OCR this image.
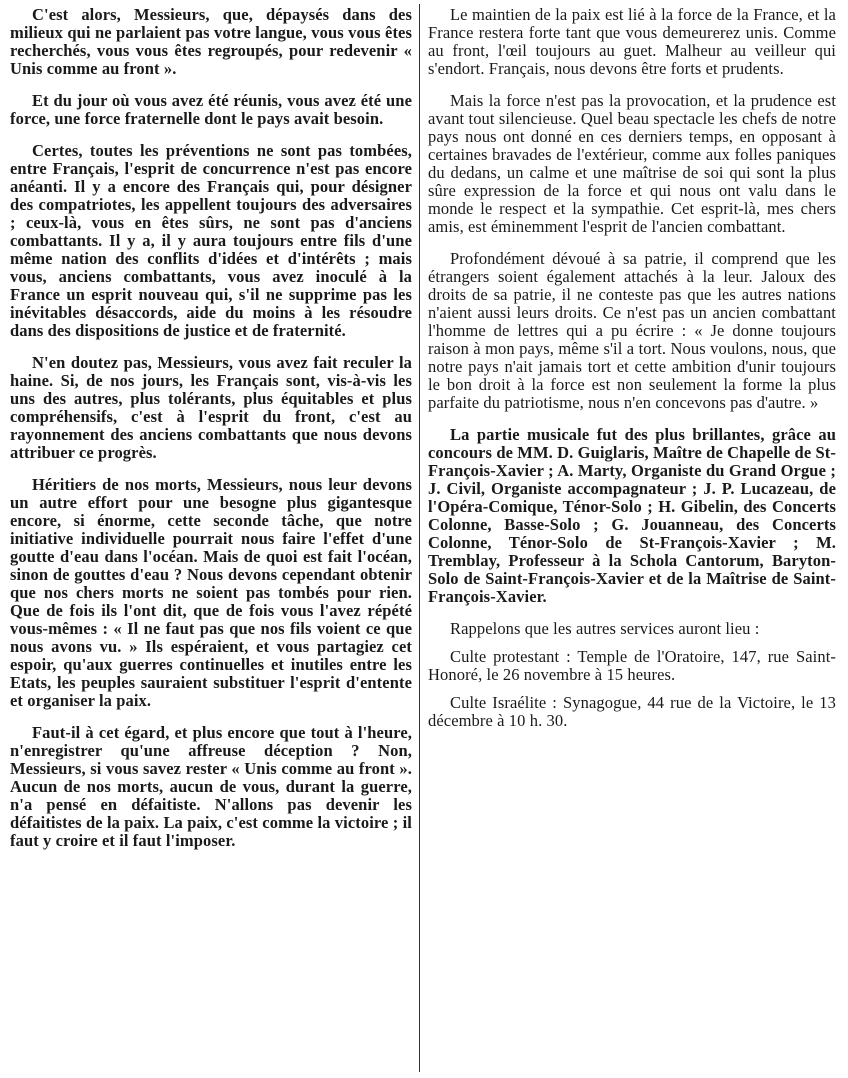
C'est alors, Messieurs, que, dépaysés dans des milieux qui ne parlaient pas votre langue, vous vous êtes recherchés, vous vous êtes regroupés, pour redevenir « Unis comme au front ».

Et du jour où vous avez été réunis, vous avez été une force, une force fraternelle dont le pays avait besoin.

Certes, toutes les préventions ne sont pas tombées, entre Français, l'esprit de concurrence n'est pas encore anéanti. Il y a encore des Français qui, pour désigner des compatriotes, les appellent toujours des adversaires ; ceux-là, vous en êtes sûrs, ne sont pas d'anciens combattants. Il y a, il y aura toujours entre fils d'une même nation des conflits d'idées et d'intérêts ; mais vous, anciens combattants, vous avez inoculé à la France un esprit nouveau qui, s'il ne supprime pas les inévitables désaccords, aide du moins à les résoudre dans des dispositions de justice et de fraternité.

N'en doutez pas, Messieurs, vous avez fait reculer la haine. Si, de nos jours, les Français sont, vis-à-vis les uns des autres, plus tolérants, plus équitables et plus compréhensifs, c'est à l'esprit du front, c'est au rayonnement des anciens combattants que nous devons attribuer ce progrès.

Héritiers de nos morts, Messieurs, nous leur devons un autre effort pour une besogne plus gigantesque encore, si énorme, cette seconde tâche, que notre initiative individuelle pourrait nous faire l'effet d'une goutte d'eau dans l'océan. Mais de quoi est fait l'océan, sinon de gouttes d'eau ? Nous devons cependant obtenir que nos chers morts ne soient pas tombés pour rien. Que de fois ils l'ont dit, que de fois vous l'avez répété vous-mêmes : « Il ne faut pas que nos fils voient ce que nous avons vu. » Ils espéraient, et vous partagiez cet espoir, qu'aux guerres continuelles et inutiles entre les Etats, les peuples sauraient substituer l'esprit d'entente et organiser la paix.

Faut-il à cet égard, et plus encore que tout à l'heure, n'enregistrer qu'une affreuse déception ? Non, Messieurs, si vous savez rester « Unis comme au front ». Aucun de nos morts, aucun de vous, durant la guerre, n'a pensé en défaitiste. N'allons pas devenir les défaitistes de la paix. La paix, c'est comme la victoire ; il faut y croire et il faut l'imposer.

Le maintien de la paix est lié à la force de la France, et la France restera forte tant que vous demeurerez unis. Comme au front, l'œil toujours au guet. Malheur au veilleur qui s'endort. Français, nous devons être forts et prudents.

Mais la force n'est pas la provocation, et la prudence est avant tout silencieuse. Quel beau spectacle les chefs de notre pays nous ont donné en ces derniers temps, en opposant à certaines bravades de l'extérieur, comme aux folles paniques du dedans, un calme et une maîtrise de soi qui sont la plus sûre expression de la force et qui nous ont valu dans le monde le respect et la sympathie. Cet esprit-là, mes chers amis, est éminemment l'esprit de l'ancien combattant.

Profondément dévoué à sa patrie, il comprend que les étrangers soient également attachés à la leur. Jaloux des droits de sa patrie, il ne conteste pas que les autres nations n'aient aussi leurs droits. Ce n'est pas un ancien combattant l'homme de lettres qui a pu écrire : « Je donne toujours raison à mon pays, même s'il a tort. Nous voulons, nous, que notre pays n'ait jamais tort et cette ambition d'unir toujours le bon droit à la force est non seulement la forme la plus parfaite du patriotisme, nous n'en concevons pas d'autre. »

La partie musicale fut des plus brillantes, grâce au concours de MM. D. Guiglaris, Maître de Chapelle de St-François-Xavier ; A. Marty, Organiste du Grand Orgue ; J. Civil, Organiste accompagnateur ; J. P. Lucazeau, de l'Opéra-Comique, Ténor-Solo ; H. Gibelin, des Concerts Colonne, Basse-Solo ; G. Jouanneau, des Concerts Colonne, Ténor-Solo de St-François-Xavier ; M. Tremblay, Professeur à la Schola Cantorum, Baryton-Solo de Saint-François-Xavier et de la Maîtrise de Saint-François-Xavier.

Rappelons que les autres services auront lieu :

Culte protestant : Temple de l'Oratoire, 147, rue Saint-Honoré, le 26 novembre à 15 heures.

Culte Israélite : Synagogue, 44 rue de la Victoire, le 13 décembre à 10 h. 30.
